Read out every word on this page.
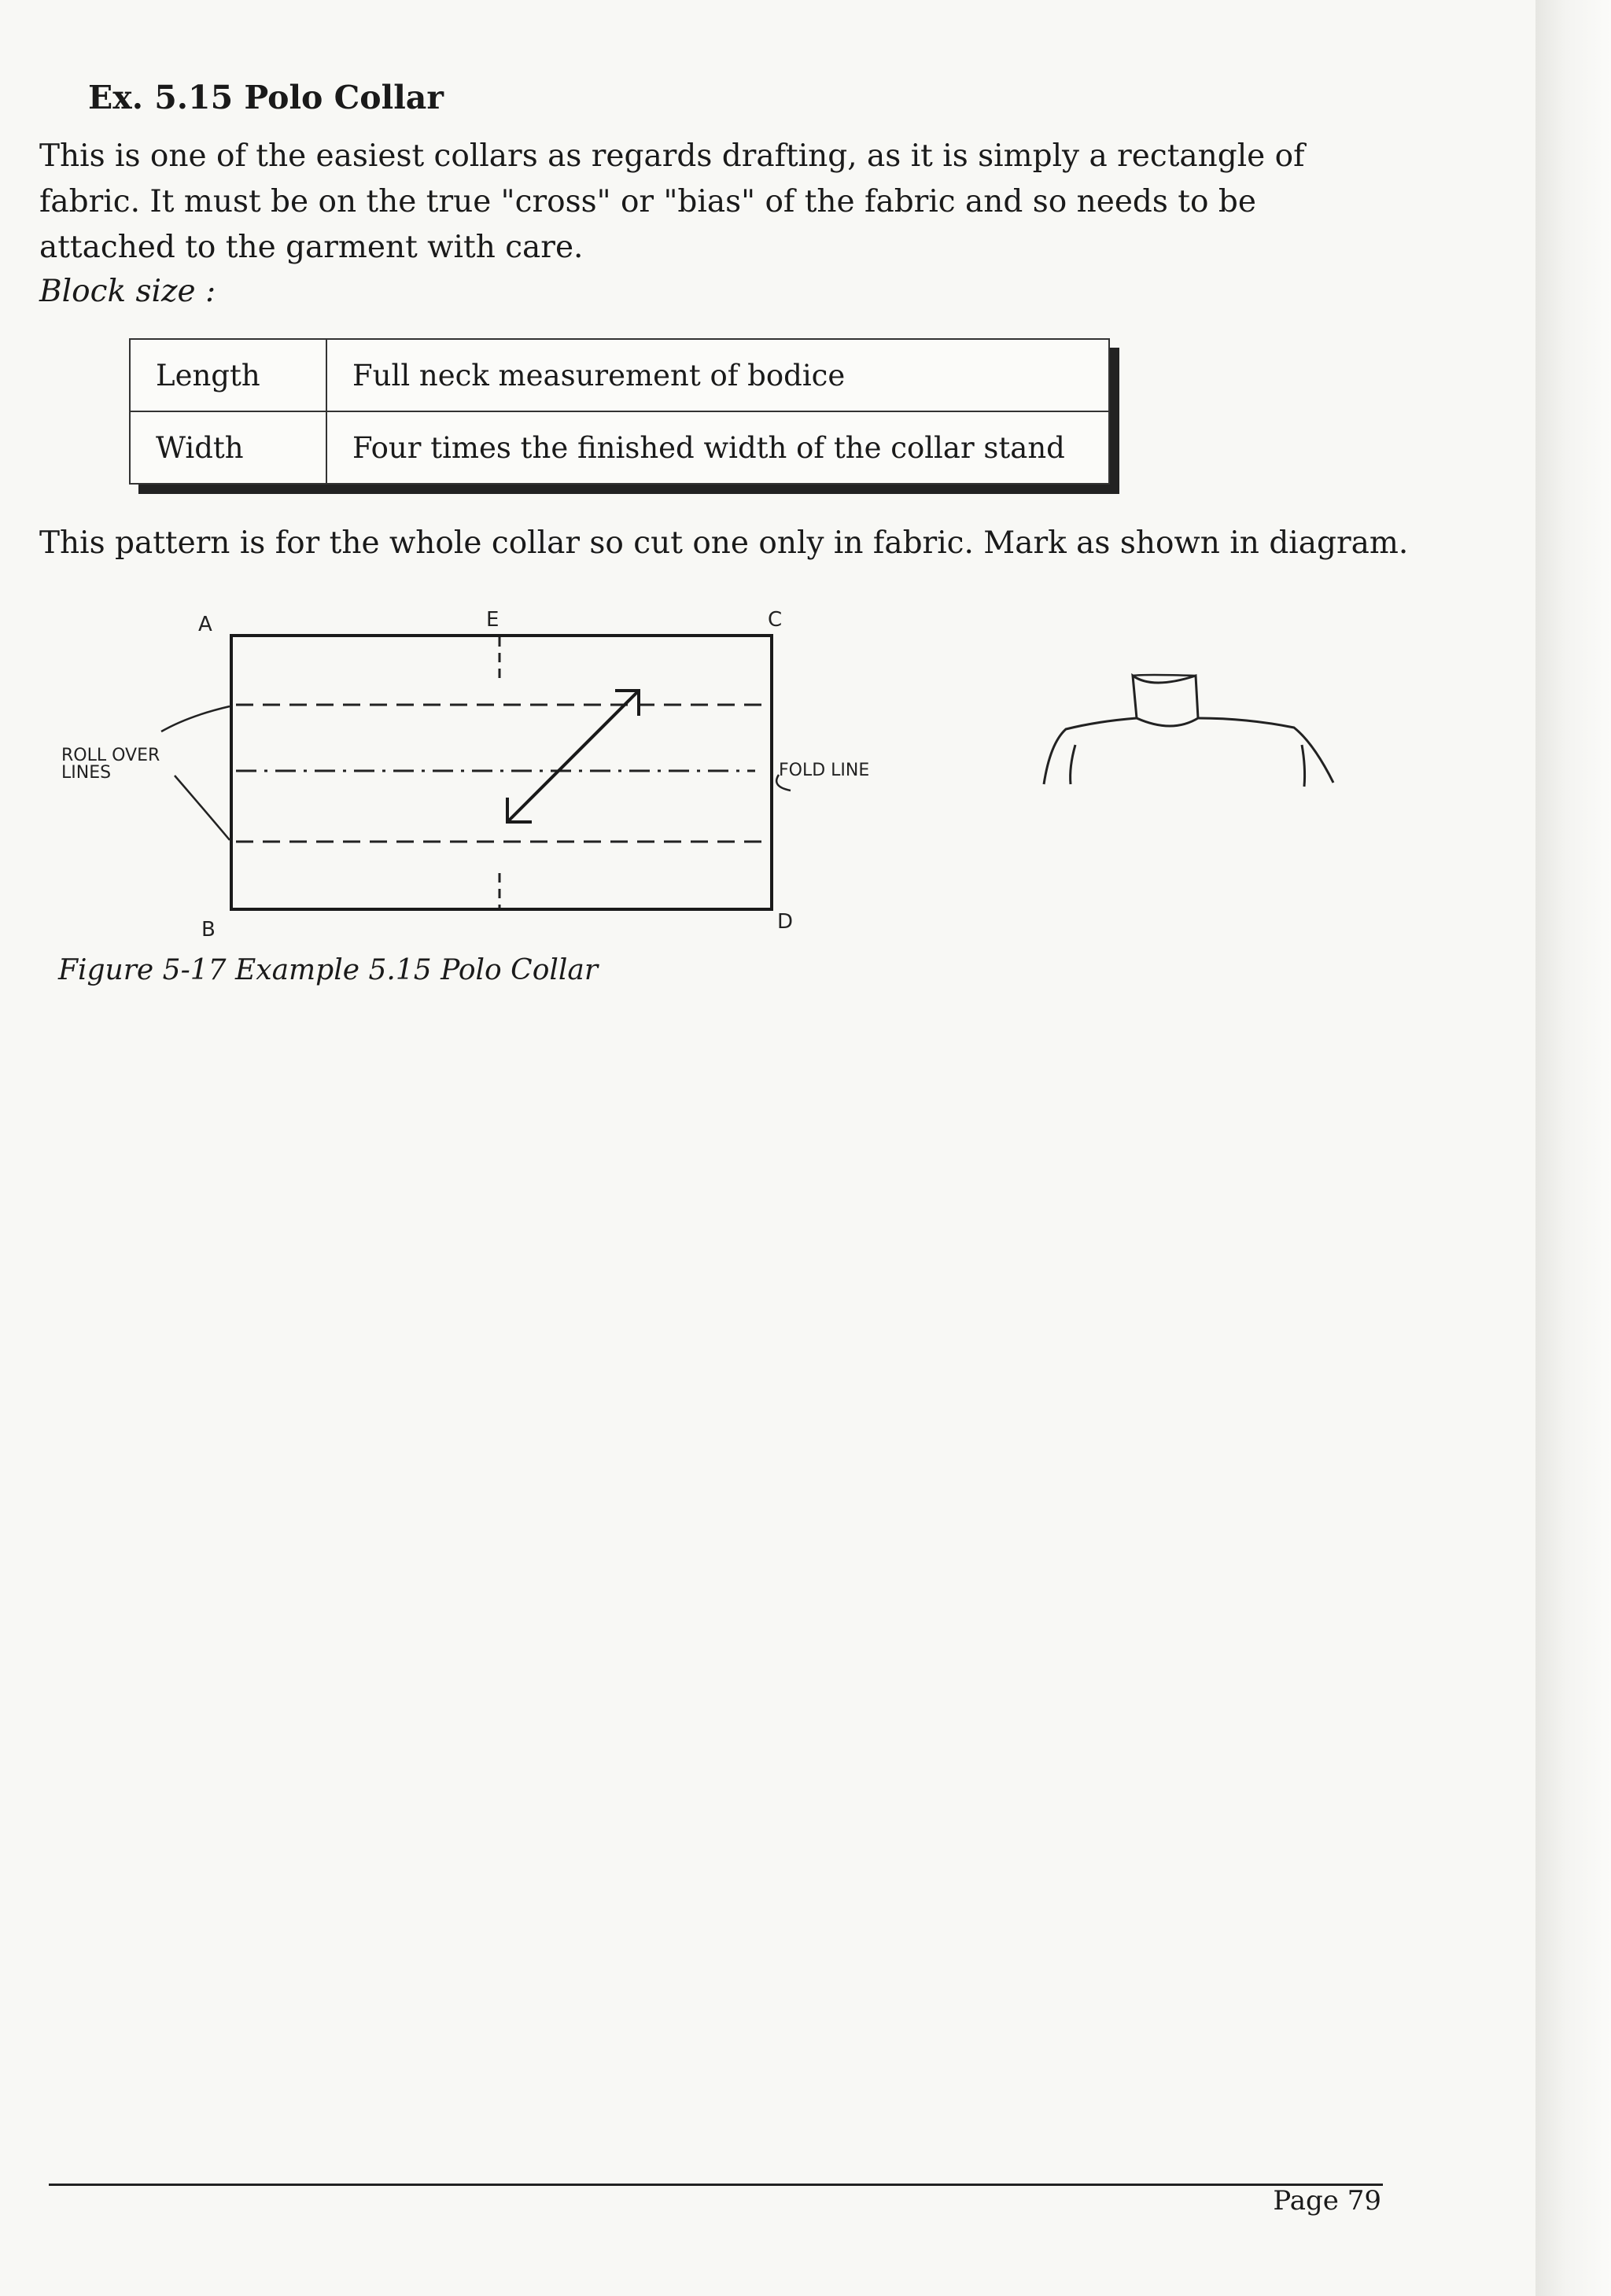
Ex. 5.15 Polo Collar

This is one of the easiest collars as regards drafting, as it is simply a rectangle of fabric. It must be on the true "cross" or "bias" of the fabric and so needs to be attached to the garment with care.

Block size :
Length	Full neck measurement of bodice
Width	Four times the finished width of the collar stand
This pattern is for the whole collar so cut one only in fabric. Mark as shown in diagram.
A	E	C
B	D
ROLL OVER
LINES	FOLD LINE
Figure 5-17 Example 5.15 Polo Collar
Page 79
